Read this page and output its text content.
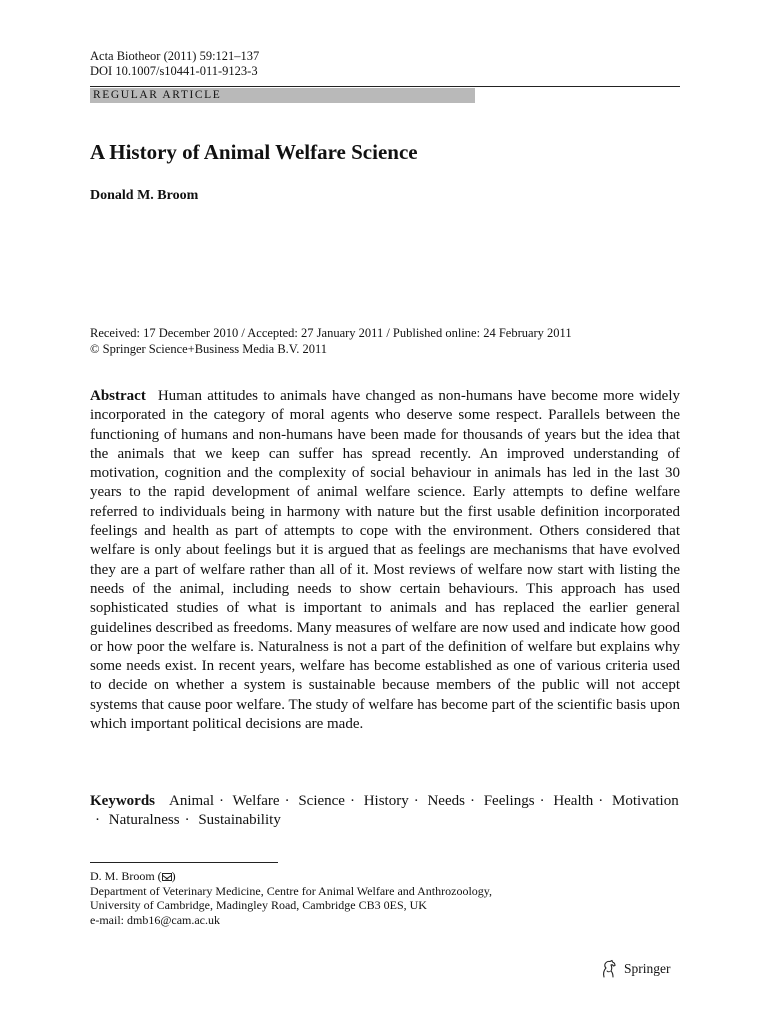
Acta Biotheor (2011) 59:121–137
DOI 10.1007/s10441-011-9123-3
REGULAR ARTICLE
A History of Animal Welfare Science
Donald M. Broom
Received: 17 December 2010 / Accepted: 27 January 2011 / Published online: 24 February 2011
© Springer Science+Business Media B.V. 2011
Abstract Human attitudes to animals have changed as non-humans have become more widely incorporated in the category of moral agents who deserve some respect. Parallels between the functioning of humans and non-humans have been made for thousands of years but the idea that the animals that we keep can suffer has spread recently. An improved understanding of motivation, cognition and the complexity of social behaviour in animals has led in the last 30 years to the rapid development of animal welfare science. Early attempts to define welfare referred to individuals being in harmony with nature but the first usable definition incorporated feelings and health as part of attempts to cope with the environment. Others considered that welfare is only about feelings but it is argued that as feelings are mechanisms that have evolved they are a part of welfare rather than all of it. Most reviews of welfare now start with listing the needs of the animal, including needs to show certain behaviours. This approach has used sophisticated studies of what is important to animals and has replaced the earlier general guidelines described as freedoms. Many measures of welfare are now used and indicate how good or how poor the welfare is. Naturalness is not a part of the definition of welfare but explains why some needs exist. In recent years, welfare has become established as one of various criteria used to decide on whether a system is sustainable because members of the public will not accept systems that cause poor welfare. The study of welfare has become part of the scientific basis upon which important political decisions are made.
Keywords Animal · Welfare · Science · History · Needs · Feelings · Health · Motivation· Naturalness · Sustainability
D. M. Broom ( )
Department of Veterinary Medicine, Centre for Animal Welfare and Anthrozoology,
University of Cambridge, Madingley Road, Cambridge CB3 0ES, UK
e-mail: dmb16@cam.ac.uk
Springer
